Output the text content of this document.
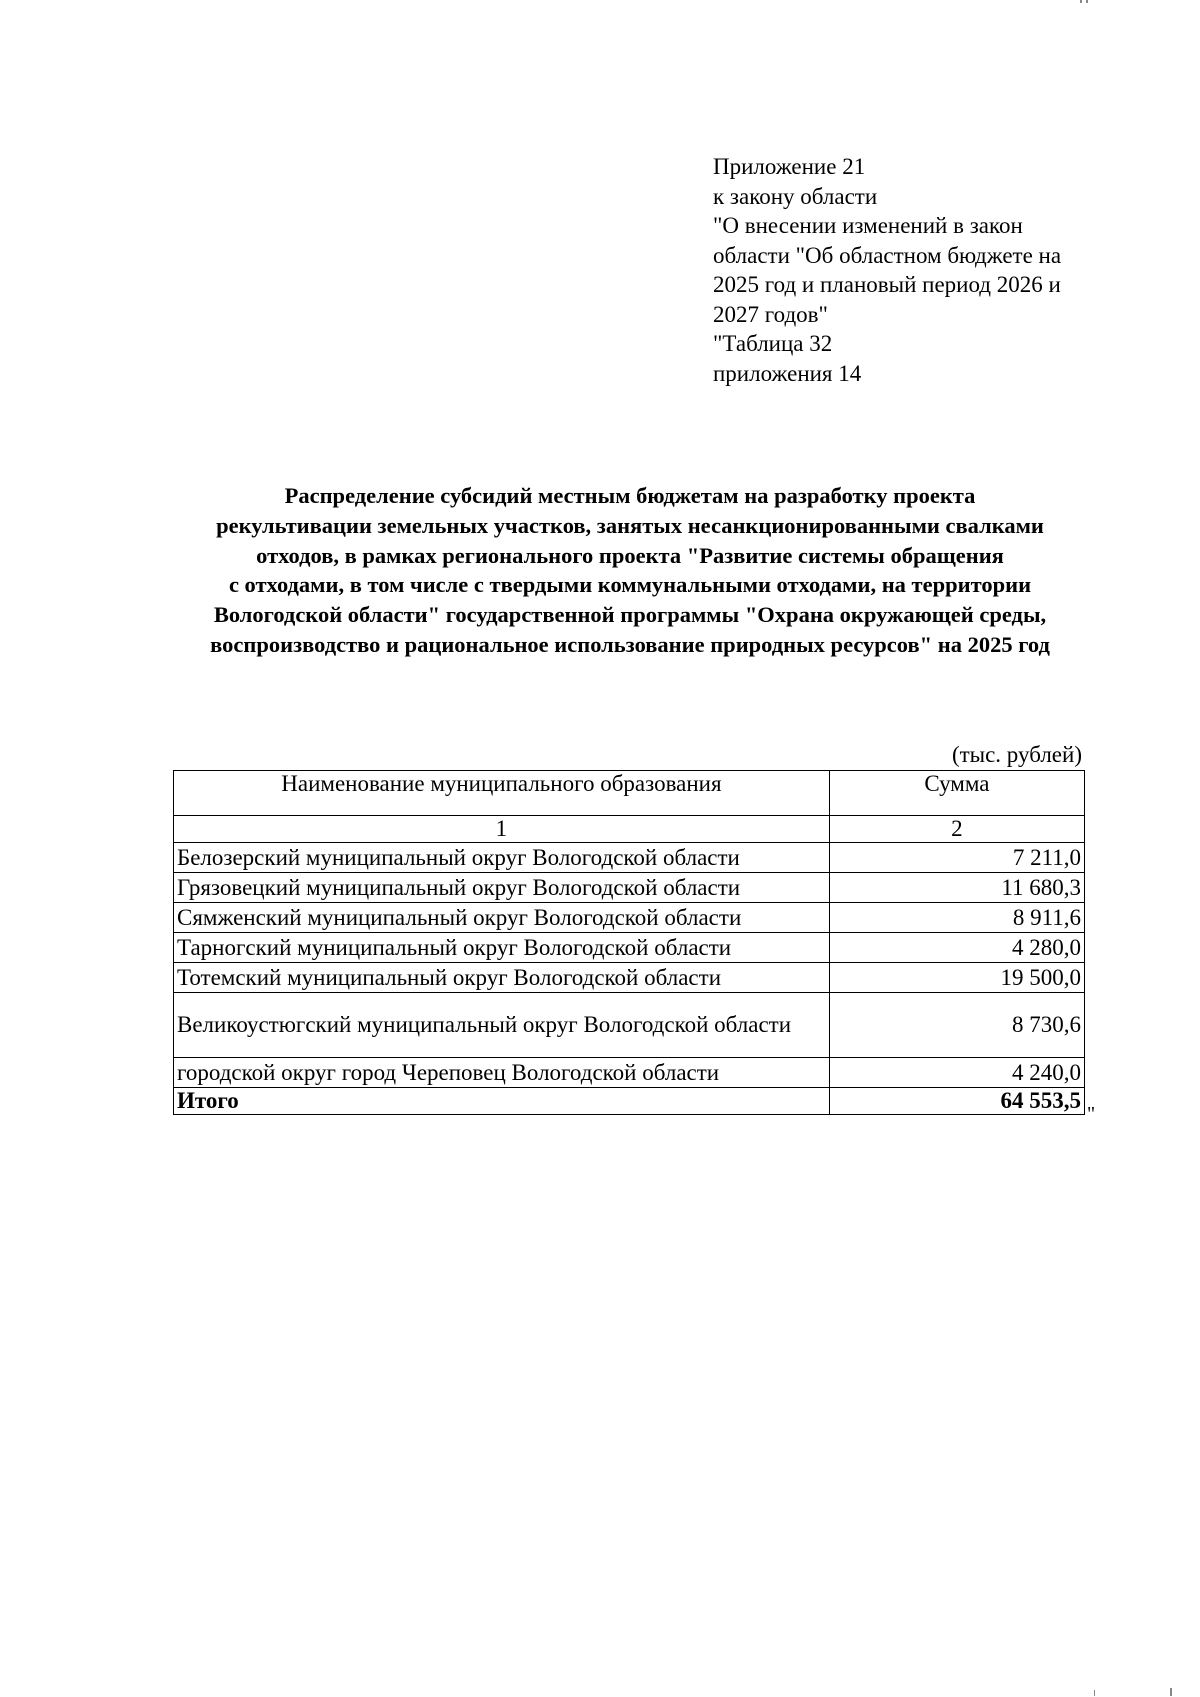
Приложение 21
к закону области
"О внесении изменений в закон
области "Об областном бюджете на
2025 год и плановый период 2026 и
2027 годов"
"Таблица 32
приложения 14
Распределение субсидий местным бюджетам на разработку проекта
рекультивации земельных участков, занятых несанкционированными свалками
отходов, в рамках регионального проекта "Развитие системы обращения
с отходами, в том числе с твердыми коммунальными отходами, на территории
Вологодской области" государственной программы "Охрана окружающей среды,
воспроизводство и рациональное использование природных ресурсов" на 2025 год
(тыс. рублей)
Наименование муниципального образования	Сумма
1	2
Белозерский муниципальный округ Вологодской области	7 211,0
Грязовецкий муниципальный округ Вологодской области	11 680,3
Сямженский муниципальный округ Вологодской области	8 911,6
Тарногский муниципальный округ Вологодской области	4 280,0
Тотемский муниципальный округ Вологодской области	19 500,0
Великоустюгский муниципальный округ Вологодской области	8 730,6
городской округ город Череповец Вологодской области	4 240,0
Итого	64 553,5
"
